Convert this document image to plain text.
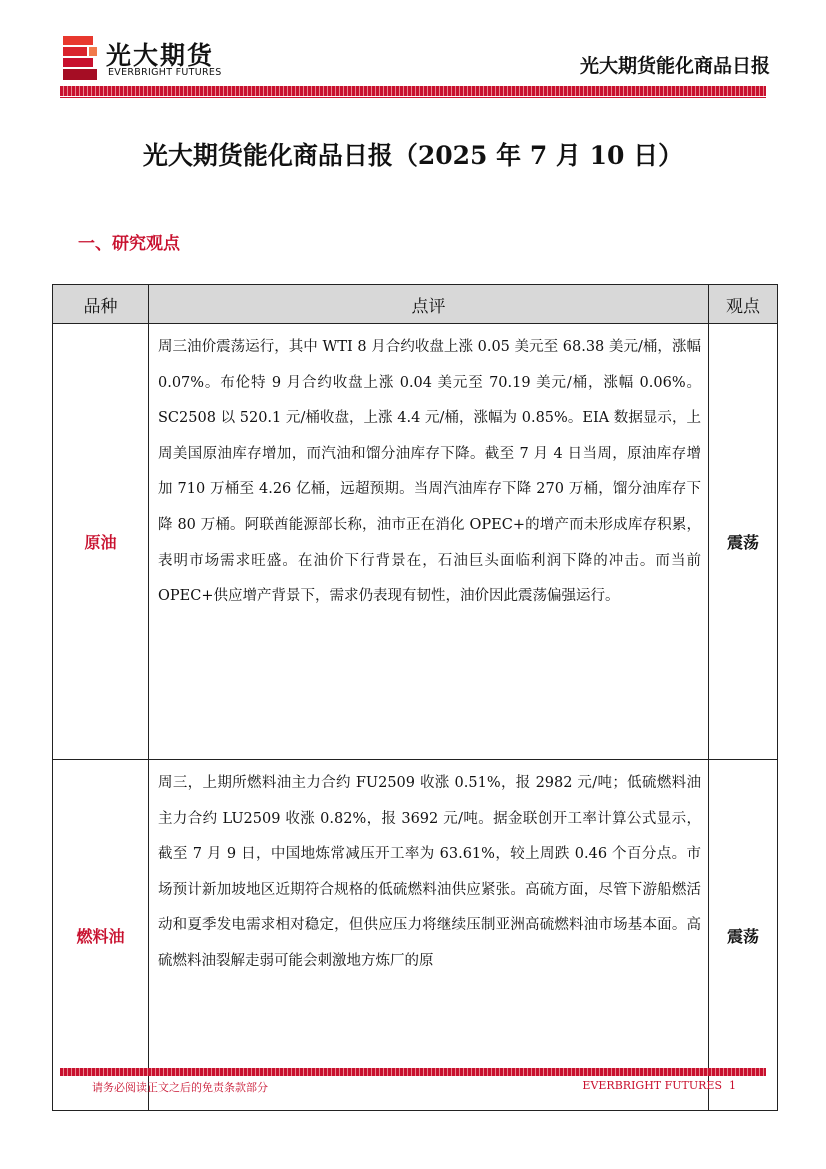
光大期货
EVERBRIGHT FUTURES	光大期货能化商品日报
光大期货能化商品日报（2025 年 7 月 10 日）
一、研究观点
品种	点评	观点
原油	周三油价震荡运行，其中 WTI 8 月合约收盘上涨 0.05 美元至 68.38 美元/桶，涨幅 0.07%。布伦特 9 月合约收盘上涨 0.04 美元至 70.19 美元/桶，涨幅 0.06%。SC2508 以 520.1 元/桶收盘，上涨 4.4 元/桶，涨幅为 0.85%。EIA 数据显示，上周美国原油库存增加，而汽油和馏分油库存下降。截至 7 月 4 日当周，原油库存增加 710 万桶至 4.26 亿桶，远超预期。当周汽油库存下降 270 万桶，馏分油库存下降 80 万桶。阿联酋能源部长称，油市正在消化 OPEC+的增产而未形成库存积累，表明市场需求旺盛。在油价下行背景在，石油巨头面临利润下降的冲击。而当前 OPEC+供应增产背景下，需求仍表现有韧性，油价因此震荡偏强运行。	震荡
燃料油	周三，上期所燃料油主力合约 FU2509 收涨 0.51%，报 2982 元/吨；低硫燃料油主力合约 LU2509 收涨 0.82%，报 3692 元/吨。据金联创开工率计算公式显示，截至 7 月 9 日，中国地炼常减压开工率为 63.61%，较上周跌 0.46 个百分点。市场预计新加坡地区近期符合规格的低硫燃料油供应紧张。高硫方面，尽管下游船燃活动和夏季发电需求相对稳定，但供应压力将继续压制亚洲高硫燃料油市场基本面。高硫燃料油裂解走弱可能会刺激地方炼厂的原	震荡
请务必阅读正文之后的免责条款部分	EVERBRIGHT FUTURES 1
